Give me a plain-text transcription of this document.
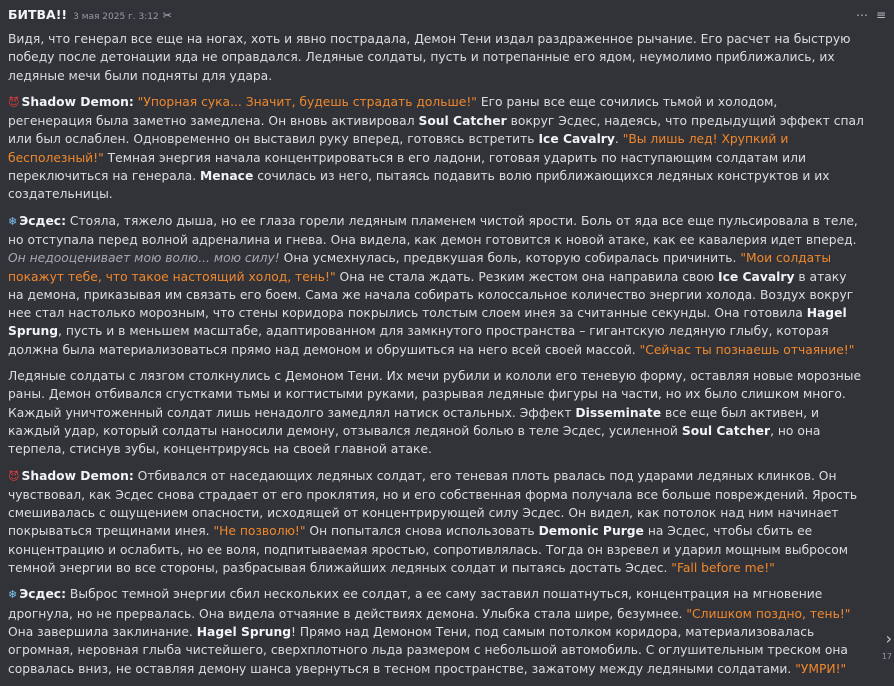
⋯ ≡
БИТВА!! 3 мая 2025 г. 3:12 ✂

Видя, что генерал все еще на ногах, хоть и явно пострадала, Демон Тени издал раздраженное рычание. Его расчет на быструю победу после детонации яда не оправдался. Ледяные солдаты, пусть и потрепанные его ядом, неумолимо приближались, их ледяные мечи были подняты для удара.

😈 Shadow Demon: "Упорная сука... Значит, будешь страдать дольше!" Его раны все еще сочились тьмой и холодом, регенерация была заметно замедлена. Он вновь активировал Soul Catcher вокруг Эсдес, надеясь, что предыдущий эффект спал или был ослаблен. Одновременно он выставил руку вперед, готовясь встретить Ice Cavalry. "Вы лишь лед! Хрупкий и бесполезный!" Темная энергия начала концентрироваться в его ладони, готовая ударить по наступающим солдатам или переключиться на генерала. Menace сочилась из него, пытаясь подавить волю приближающихся ледяных конструктов и их создательницы.

❄ Эсдес: Стояла, тяжело дыша, но ее глаза горели ледяным пламенем чистой ярости. Боль от яда все еще пульсировала в теле, но отступала перед волной адреналина и гнева. Она видела, как демон готовится к новой атаке, как ее кавалерия идет вперед. Он недооценивает мою волю... мою силу! Она усмехнулась, предвкушая боль, которую собиралась причинить. "Мои солдаты покажут тебе, что такое настоящий холод, тень!" Она не стала ждать. Резким жестом она направила свою Ice Cavalry в атаку на демона, приказывая им связать его боем. Сама же начала собирать колоссальное количество энергии холода. Воздух вокруг нее стал настолько морозным, что стены коридора покрылись толстым слоем инея за считанные секунды. Она готовила Hagel Sprung, пусть и в меньшем масштабе, адаптированном для замкнутого пространства – гигантскую ледяную глыбу, которая должна была материализоваться прямо над демоном и обрушиться на него всей своей массой. "Сейчас ты познаешь отчаяние!"

Ледяные солдаты с лязгом столкнулись с Демоном Тени. Их мечи рубили и кололи его теневую форму, оставляя новые морозные раны. Демон отбивался сгустками тьмы и когтистыми руками, разрывая ледяные фигуры на части, но их было слишком много. Каждый уничтоженный солдат лишь ненадолго замедлял натиск остальных. Эффект Disseminate все еще был активен, и каждый удар, который солдаты наносили демону, отзывался ледяной болью в теле Эсдес, усиленной Soul Catcher, но она терпела, стиснув зубы, концентрируясь на своей главной атаке.

😈 Shadow Demon: Отбивался от наседающих ледяных солдат, его теневая плоть рвалась под ударами ледяных клинков. Он чувствовал, как Эсдес снова страдает от его проклятия, но и его собственная форма получала все больше повреждений. Ярость смешивалась с ощущением опасности, исходящей от концентрирующей силу Эсдес. Он видел, как потолок над ним начинает покрываться трещинами инея. "Не позволю!" Он попытался снова использовать Demonic Purge на Эсдес, чтобы сбить ее концентрацию и ослабить, но ее воля, подпитываемая яростью, сопротивлялась. Тогда он взревел и ударил мощным выбросом темной энергии во все стороны, разбрасывая ближайших ледяных солдат и пытаясь достать Эсдес. "Fall before me!"

❄ Эсдес: Выброс темной энергии сбил нескольких ее солдат, а ее саму заставил пошатнуться, концентрация на мгновение дрогнула, но не прервалась. Она видела отчаяние в действиях демона. Улыбка стала шире, безумнее. "Слишком поздно, тень!" Она завершила заклинание. Hagel Sprung! Прямо над Демоном Тени, под самым потолком коридора, материализовалась огромная, неровная глыба чистейшего, сверхплотного льда размером с небольшой автомобиль. С оглушительным треском она сорвалась вниз, не оставляя демону шанса увернуться в тесном пространстве, зажатому между ледяными солдатами. "УМРИ!"

›
17
